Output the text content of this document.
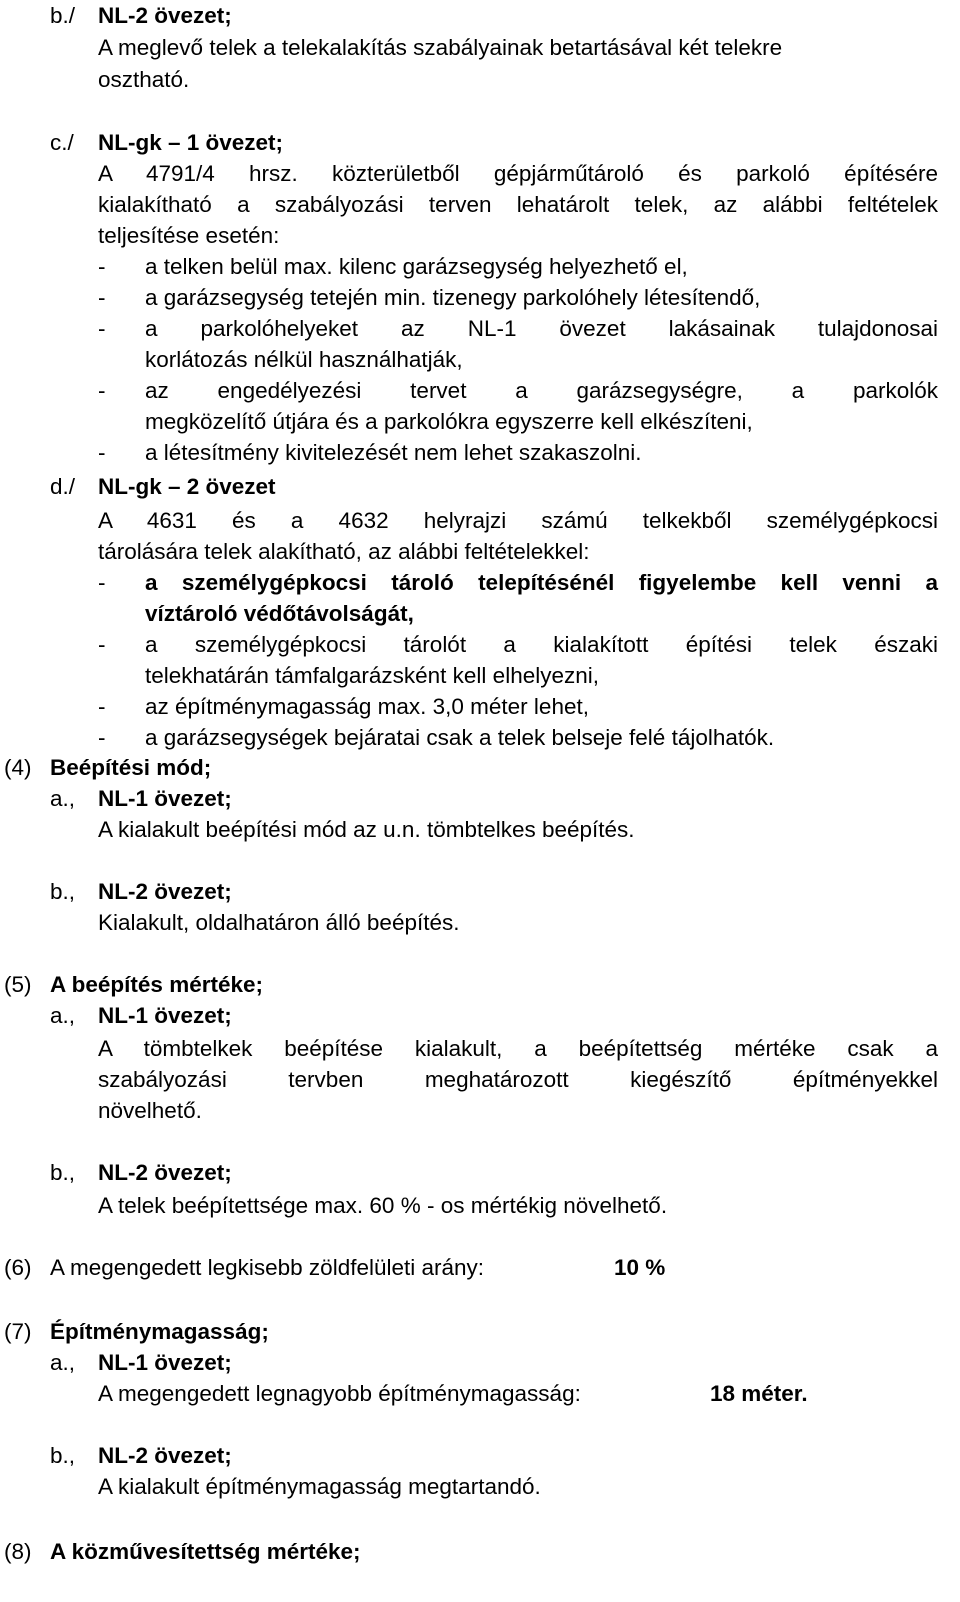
b./ NL-2 övezet;
A meglevő telek a telekalakítás szabályainak betartásával két telekre
osztható.
c./ NL-gk – 1 övezet;
A 4791/4 hrsz. közterületből gépjárműtároló és parkoló építésére
kialakítható a szabályozási terven lehatárolt telek, az alábbi feltételek
teljesítése esetén:
- a telken belül max. kilenc garázsegység helyezhető el,
- a garázsegység tetején min. tizenegy parkolóhely létesítendő,
- a parkolóhelyeket az NL-1 övezet lakásainak tulajdonosai
korlátozás nélkül használhatják,
- az engedélyezési tervet a garázsegységre, a parkolók
megközelítő útjára és a parkolókra egyszerre kell elkészíteni,
- a létesítmény kivitelezését nem lehet szakaszolni.
d./ NL-gk – 2 övezet
A 4631 és a 4632 helyrajzi számú telkekből személygépkocsi
tárolására telek alakítható, az alábbi feltételekkel:
- a személygépkocsi tároló telepítésénél figyelembe kell venni a
víztároló védőtávolságát,
- a személygépkocsi tárolót a kialakított építési telek északi
telekhatárán támfalgarázsként kell elhelyezni,
- az építménymagasság max. 3,0 méter lehet,
- a garázsegységek bejáratai csak a telek belseje felé tájolhatók.
(4) Beépítési mód;
a., NL-1 övezet;
A kialakult beépítési mód az u.n. tömbtelkes beépítés.
b., NL-2 övezet;
Kialakult, oldalhatáron álló beépítés.
(5) A beépítés mértéke;
a., NL-1 övezet;
A tömbtelkek beépítése kialakult, a beépítettség mértéke csak a
szabályozási tervben meghatározott kiegészítő építményekkel
növelhető.
b., NL-2 övezet;
A telek beépítettsége max. 60 % - os mértékig növelhető.
(6) A megengedett legkisebb zöldfelületi arány:	10 %
(7) Építménymagasság;
a., NL-1 övezet;
A megengedett legnagyobb építménymagasság:	18 méter.
b., NL-2 övezet;
A kialakult építménymagasság megtartandó.
(8) A közművesítettség mértéke;
